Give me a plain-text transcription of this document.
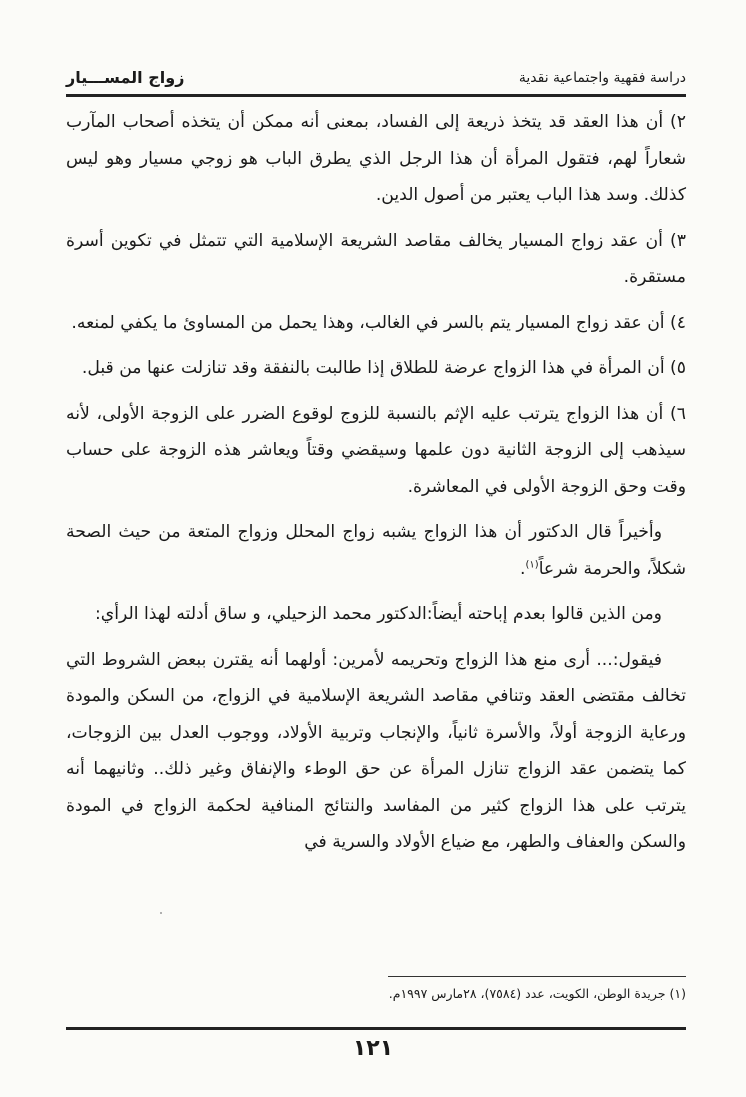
دراسة فقهية واجتماعية نقدية
زواج المســـيار

٢) أن هذا العقد قد يتخذ ذريعة إلى الفساد، بمعنى أنه ممكن أن يتخذه أصحاب المآرب شعاراً لهم، فتقول المرأة أن هذا الرجل الذي يطرق الباب هو زوجي مسيار وهو ليس كذلك. وسد هذا الباب يعتبر من أصول الدين.

٣) أن عقد زواج المسيار يخالف مقاصد الشريعة الإسلامية التي تتمثل في تكوين أسرة مستقرة.

٤) أن عقد زواج المسيار يتم بالسر في الغالب، وهذا يحمل من المساوئ ما يكفي لمنعه.

٥) أن المرأة في هذا الزواج عرضة للطلاق إذا طالبت بالنفقة وقد تنازلت عنها من قبل.

٦) أن هذا الزواج يترتب عليه الإثم بالنسبة للزوج لوقوع الضرر على الزوجة الأولى، لأنه سيذهب إلى الزوجة الثانية دون علمها وسيقضي وقتاً ويعاشر هذه الزوجة على حساب وقت وحق الزوجة الأولى في المعاشرة.

وأخيراً قال الدكتور أن هذا الزواج يشبه زواج المحلل وزواج المتعة من حيث الصحة شكلاً، والحرمة شرعاً$^{(١)}$.

ومن الذين قالوا بعدم إباحته أيضاً:الدكتور محمد الزحيلي، و ساق أدلته لهذا الرأي:

فيقول:... أرى منع هذا الزواج وتحريمه لأمرين: أولهما أنه يقترن ببعض الشروط التي تخالف مقتضى العقد وتنافي مقاصد الشريعة الإسلامية في الزواج، من السكن والمودة ورعاية الزوجة أولاً، والأسرة ثانياً، والإنجاب وتربية الأولاد، ووجوب العدل بين الزوجات، كما يتضمن عقد الزواج تنازل المرأة عن حق الوطء والإنفاق وغير ذلك.. وثانيهما أنه يترتب على هذا الزواج كثير من المفاسد والنتائج المنافية لحكمة الزواج في المودة والسكن والعفاف والطهر، مع ضياع الأولاد والسرية في

(١) جريدة الوطن، الكويت، عدد (٧٥٨٤)، ٢٨مارس ١٩٩٧م.
١٢١
